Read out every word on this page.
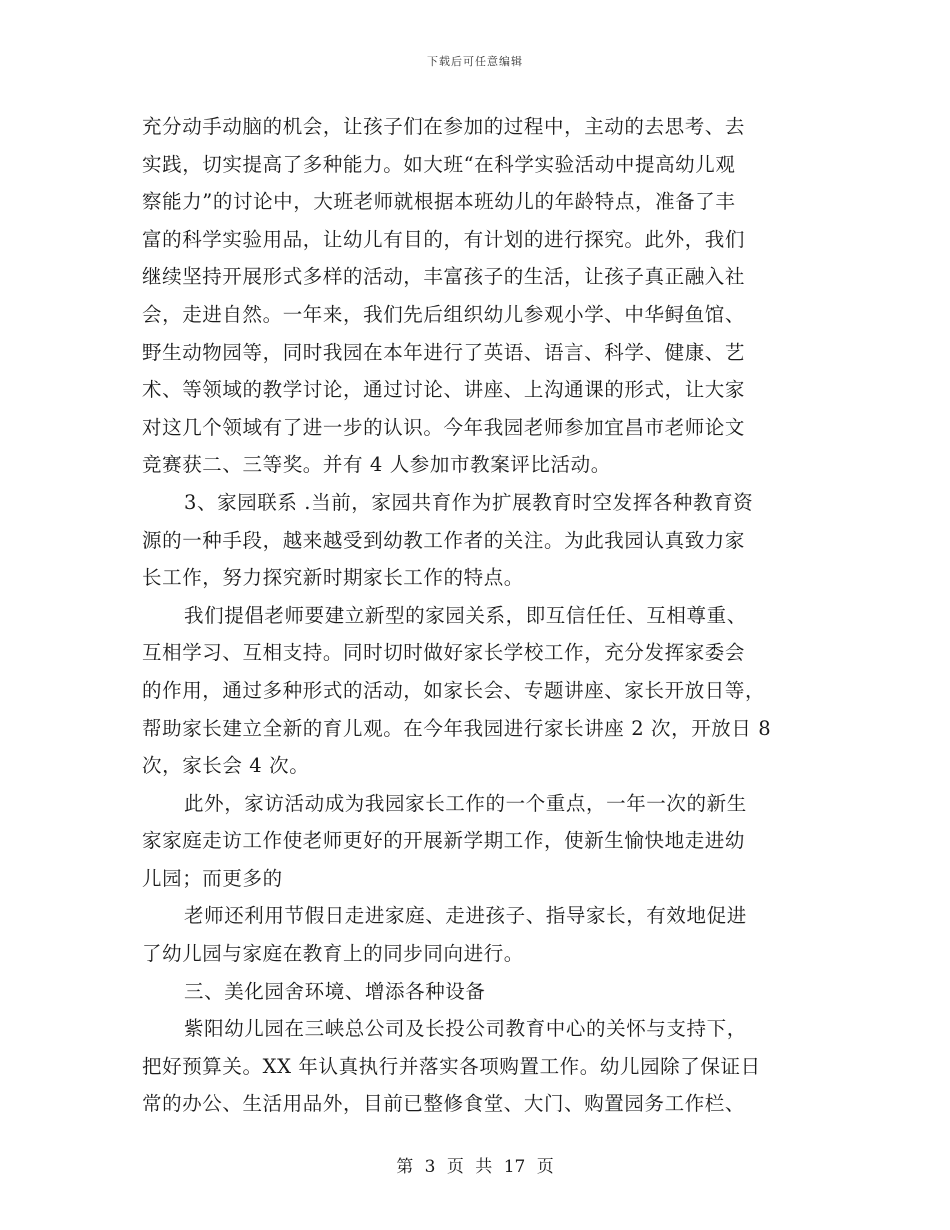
下载后可任意编辑
充分动手动脑的机会，让孩子们在参加的过程中，主动的去思考、去
实践，切实提高了多种能力。如大班“在科学实验活动中提高幼儿观
察能力”的讨论中，大班老师就根据本班幼儿的年龄特点，准备了丰
富的科学实验用品，让幼儿有目的，有计划的进行探究。此外，我们
继续坚持开展形式多样的活动，丰富孩子的生活，让孩子真正融入社
会，走进自然。一年来，我们先后组织幼儿参观小学、中华鲟鱼馆、
野生动物园等，同时我园在本年进行了英语、语言、科学、健康、艺
术、等领域的教学讨论，通过讨论、讲座、上沟通课的形式，让大家
对这几个领域有了进一步的认识。今年我园老师参加宜昌市老师论文
竞赛获二、三等奖。并有 4 人参加市教案评比活动。
3、家园联系 .当前，家园共育作为扩展教育时空发挥各种教育资
源的一种手段，越来越受到幼教工作者的关注。为此我园认真致力家
长工作，努力探究新时期家长工作的特点。
我们提倡老师要建立新型的家园关系，即互信任任、互相尊重、
互相学习、互相支持。同时切时做好家长学校工作，充分发挥家委会
的作用，通过多种形式的活动，如家长会、专题讲座、家长开放日等，
帮助家长建立全新的育儿观。在今年我园进行家长讲座 2 次，开放日 8
次，家长会 4 次。
此外，家访活动成为我园家长工作的一个重点，一年一次的新生
家家庭走访工作使老师更好的开展新学期工作，使新生愉快地走进幼
儿园；而更多的
老师还利用节假日走进家庭、走进孩子、指导家长，有效地促进
了幼儿园与家庭在教育上的同步同向进行。
三、美化园舍环境、增添各种设备
紫阳幼儿园在三峡总公司及长投公司教育中心的关怀与支持下，
把好预算关。XX 年认真执行并落实各项购置工作。幼儿园除了保证日
常的办公、生活用品外，目前已整修食堂、大门、购置园务工作栏、
第 3 页 共 17 页
